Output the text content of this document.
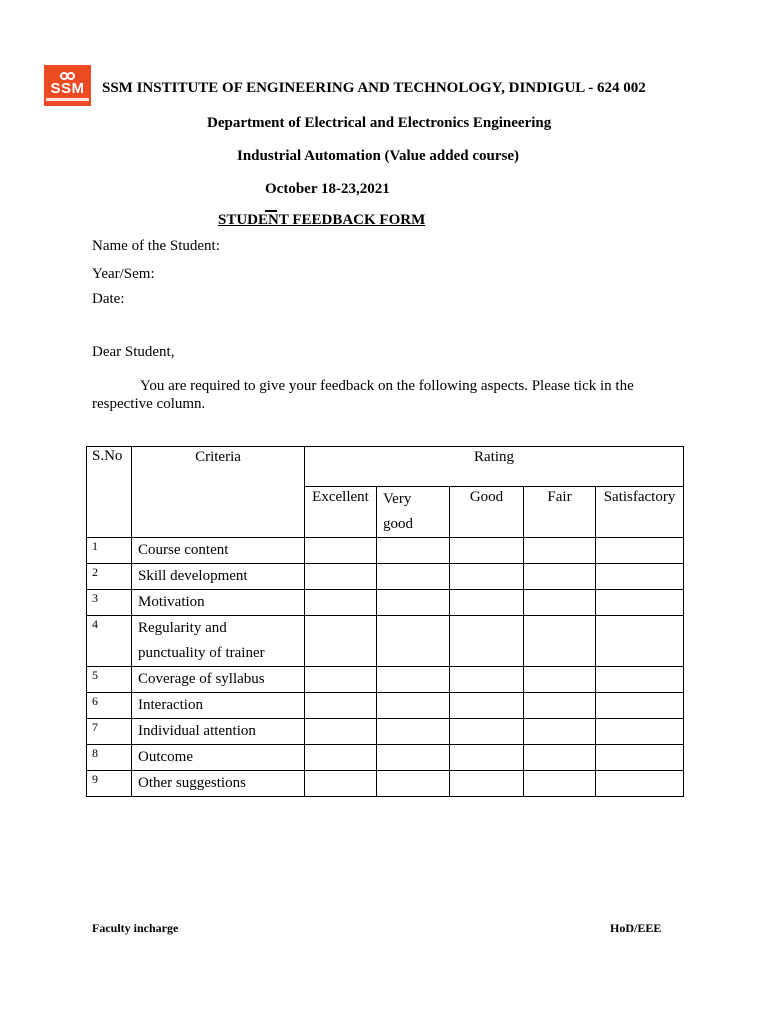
SSM	SSM INSTITUTE OF ENGINEERING AND TECHNOLOGY, DINDIGUL - 624 002
Department of Electrical and Electronics Engineering
Industrial Automation (Value added course)
October 18-23,2021
STUDENT FEEDBACK FORM
Name of the Student:
Year/Sem:
Date:
Dear Student,
You are required to give your feedback on the following aspects. Please tick in the respective column.
S.No	Criteria	Rating				

		Excellent	Very good	Good	Fair	Satisfactory

1	Course content					

2	Skill development					

3	Motivation					

4	Regularity and punctuality of trainer					

5	Coverage of syllabus					

6	Interaction					

7	Individual attention					

8	Outcome					

9	Other suggestions					

Faculty incharge	HoD/EEE
